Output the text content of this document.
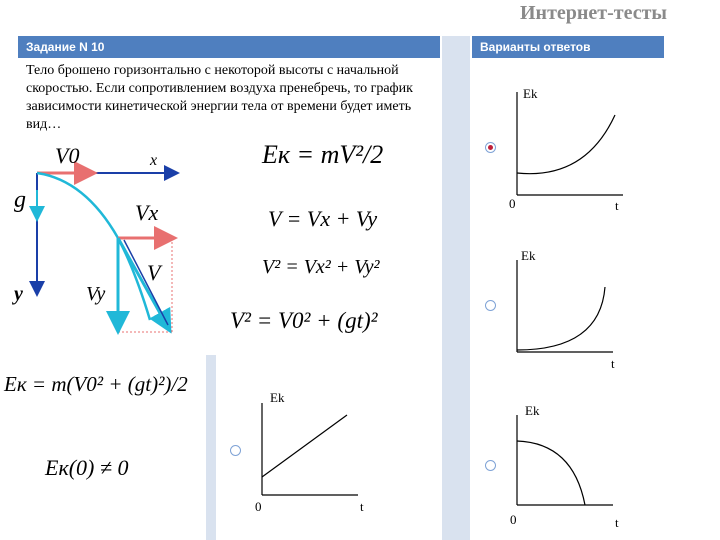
Интернет-тесты
Задание N 10
Тело брошено горизонтально с некоторой высоты с начальной скоростью. Если сопротивлением воздуха пренебречь, то график зависимости кинетической энергии тела от времени будет иметь вид…
Варианты ответов
V0	x
g	Vx
V
Vy
y
Eк = mV²/2
V = Vx + Vy
V² = Vx² + Vy²
V² = V0² + (gt)²
Eк = m(V0² + (gt)²)/2
Eк(0) ≠ 0
Ek
t
0
Ek
t
Ek
t
0
Ek
t
0
